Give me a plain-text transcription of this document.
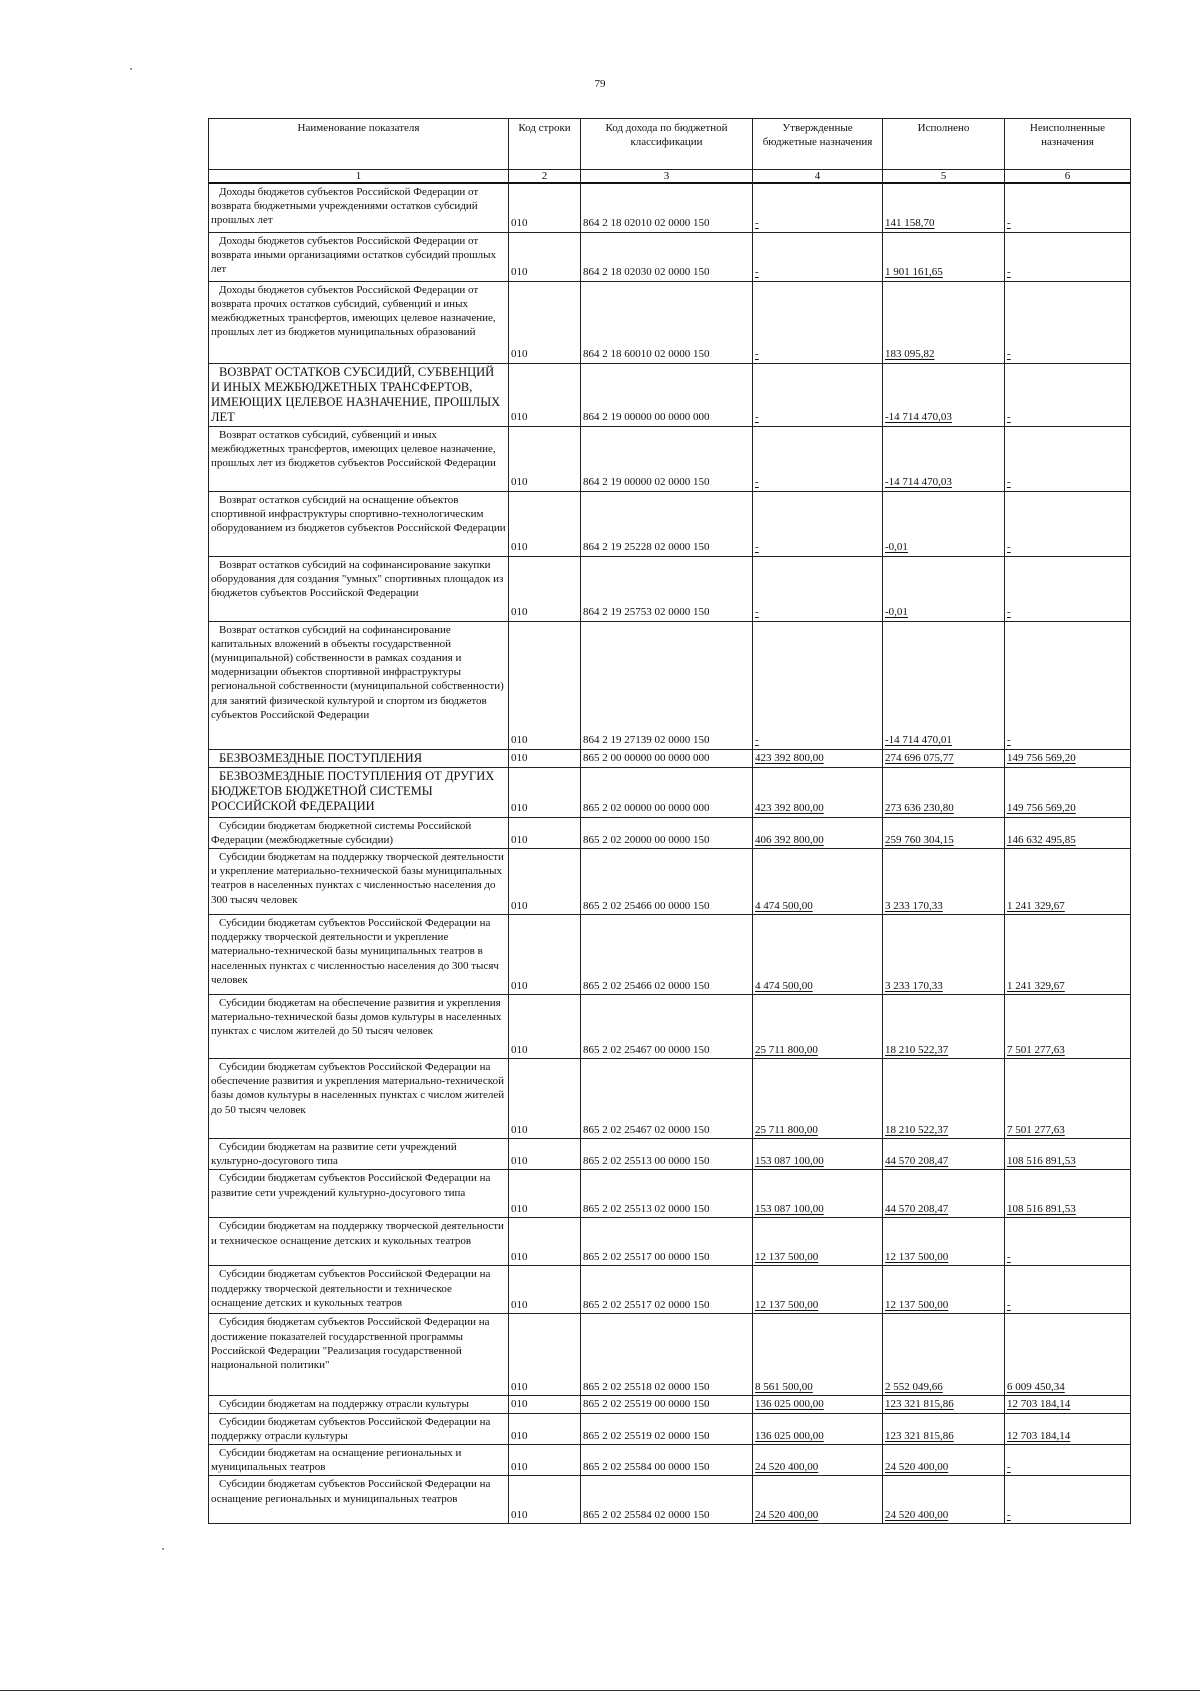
79
Наименование показателя	Код строки	Код дохода по бюджетной классификации	Утвержденные бюджетные назначения	Исполнено	Неисполненные назначения
1	2	3	4	5	6
Доходы бюджетов субъектов Российской Федерации от возврата бюджетными учреждениями остатков субсидий прошлых лет	010	864 2 18 02010 02 0000 150	-	141 158,70	-
Доходы бюджетов субъектов Российской Федерации от возврата иными организациями остатков субсидий прошлых лет	010	864 2 18 02030 02 0000 150	-	1 901 161,65	-
Доходы бюджетов субъектов Российской Федерации от возврата прочих остатков субсидий, субвенций и иных межбюджетных трансфертов, имеющих целевое назначение, прошлых лет из бюджетов муниципальных образований	010	864 2 18 60010 02 0000 150	-	183 095,82	-
ВОЗВРАТ ОСТАТКОВ СУБСИДИЙ, СУБВЕНЦИЙ И ИНЫХ МЕЖБЮДЖЕТНЫХ ТРАНСФЕРТОВ, ИМЕЮЩИХ ЦЕЛЕВОЕ НАЗНАЧЕНИЕ, ПРОШЛЫХ ЛЕТ	010	864 2 19 00000 00 0000 000	-	-14 714 470,03	-
Возврат остатков субсидий, субвенций и иных межбюджетных трансфертов, имеющих целевое назначение, прошлых лет из бюджетов субъектов Российской Федерации	010	864 2 19 00000 02 0000 150	-	-14 714 470,03	-
Возврат остатков субсидий на оснащение объектов спортивной инфраструктуры спортивно-технологическим оборудованием из бюджетов субъектов Российской Федерации	010	864 2 19 25228 02 0000 150	-	-0,01	-
Возврат остатков субсидий на софинансирование закупки оборудования для создания "умных" спортивных площадок из бюджетов субъектов Российской Федерации	010	864 2 19 25753 02 0000 150	-	-0,01	-
Возврат остатков субсидий на софинансирование капитальных вложений в объекты государственной (муниципальной) собственности в рамках создания и модернизации объектов спортивной инфраструктуры региональной собственности (муниципальной собственности) для занятий физической культурой и спортом из бюджетов субъектов Российской Федерации	010	864 2 19 27139 02 0000 150	-	-14 714 470,01	-
БЕЗВОЗМЕЗДНЫЕ ПОСТУПЛЕНИЯ	010	865 2 00 00000 00 0000 000	423 392 800,00	274 696 075,77	149 756 569,20
БЕЗВОЗМЕЗДНЫЕ ПОСТУПЛЕНИЯ ОТ ДРУГИХ БЮДЖЕТОВ БЮДЖЕТНОЙ СИСТЕМЫ РОССИЙСКОЙ ФЕДЕРАЦИИ	010	865 2 02 00000 00 0000 000	423 392 800,00	273 636 230,80	149 756 569,20
Субсидии бюджетам бюджетной системы Российской Федерации (межбюджетные субсидии)	010	865 2 02 20000 00 0000 150	406 392 800,00	259 760 304,15	146 632 495,85
Субсидии бюджетам на поддержку творческой деятельности и укрепление материально-технической базы муниципальных театров в населенных пунктах с численностью населения до 300 тысяч человек	010	865 2 02 25466 00 0000 150	4 474 500,00	3 233 170,33	1 241 329,67
Субсидии бюджетам субъектов Российской Федерации на поддержку творческой деятельности и укрепление материально-технической базы муниципальных театров в населенных пунктах с численностью населения до 300 тысяч человек	010	865 2 02 25466 02 0000 150	4 474 500,00	3 233 170,33	1 241 329,67
Субсидии бюджетам на обеспечение развития и укрепления материально-технической базы домов культуры в населенных пунктах с числом жителей до 50 тысяч человек	010	865 2 02 25467 00 0000 150	25 711 800,00	18 210 522,37	7 501 277,63
Субсидии бюджетам субъектов Российской Федерации на обеспечение развития и укрепления материально-технической базы домов культуры в населенных пунктах с числом жителей до 50 тысяч человек	010	865 2 02 25467 02 0000 150	25 711 800,00	18 210 522,37	7 501 277,63
Субсидии бюджетам на развитие сети учреждений культурно-досугового типа	010	865 2 02 25513 00 0000 150	153 087 100,00	44 570 208,47	108 516 891,53
Субсидии бюджетам субъектов Российской Федерации на развитие сети учреждений культурно-досугового типа	010	865 2 02 25513 02 0000 150	153 087 100,00	44 570 208,47	108 516 891,53
Субсидии бюджетам на поддержку творческой деятельности и техническое оснащение детских и кукольных театров	010	865 2 02 25517 00 0000 150	12 137 500,00	12 137 500,00	-
Субсидии бюджетам субъектов Российской Федерации на поддержку творческой деятельности и техническое оснащение детских и кукольных театров	010	865 2 02 25517 02 0000 150	12 137 500,00	12 137 500,00	-
Субсидия бюджетам субъектов Российской Федерации на достижение показателей государственной программы Российской Федерации "Реализация государственной национальной политики"	010	865 2 02 25518 02 0000 150	8 561 500,00	2 552 049,66	6 009 450,34
Субсидии бюджетам на поддержку отрасли культуры	010	865 2 02 25519 00 0000 150	136 025 000,00	123 321 815,86	12 703 184,14
Субсидии бюджетам субъектов Российской Федерации на поддержку отрасли культуры	010	865 2 02 25519 02 0000 150	136 025 000,00	123 321 815,86	12 703 184,14
Субсидии бюджетам на оснащение региональных и муниципальных театров	010	865 2 02 25584 00 0000 150	24 520 400,00	24 520 400,00	-
Субсидии бюджетам субъектов Российской Федерации на оснащение региональных и муниципальных театров	010	865 2 02 25584 02 0000 150	24 520 400,00	24 520 400,00	-
